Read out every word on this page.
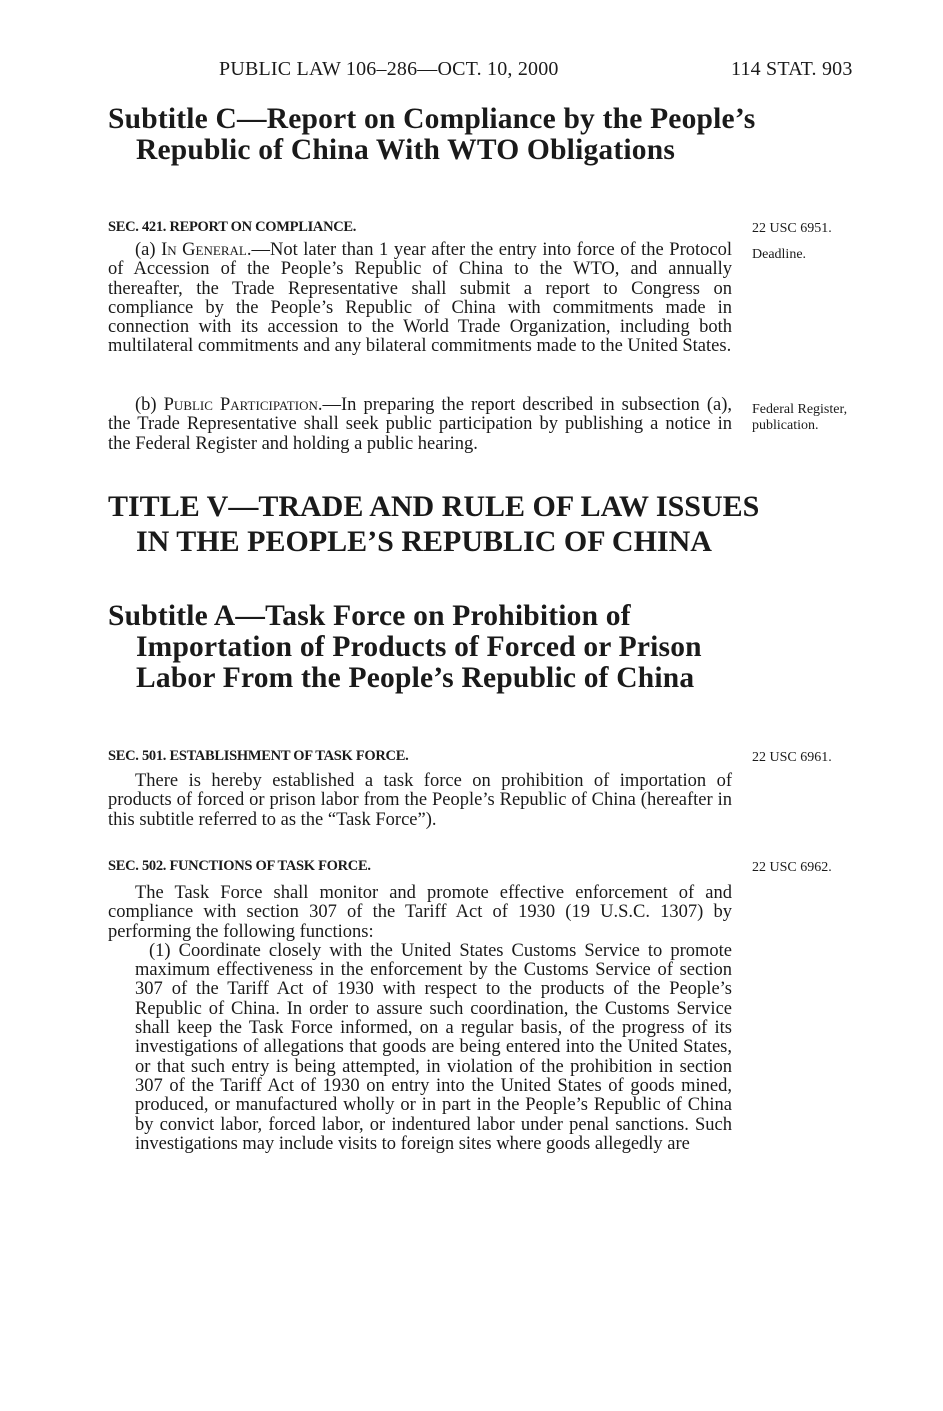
PUBLIC LAW 106–286—OCT. 10, 2000	114 STAT. 903
Subtitle C—Report on Compliance by the People’s Republic of China With WTO Obligations
SEC. 421. REPORT ON COMPLIANCE.	22 USC 6951.

(a) In General.—Not later than 1 year after the entry into force of the Protocol of Accession of the People’s Republic of China to the WTO, and annually thereafter, the Trade Representative shall submit a report to Congress on compliance by the People’s Republic of China with commitments made in connection with its accession to the World Trade Organization, including both multilateral commitments and any bilateral commitments made to the United States.

Deadline.

(b) Public Participation.—In preparing the report described in subsection (a), the Trade Representative shall seek public participation by publishing a notice in the Federal Register and holding a public hearing.

Federal Register, publication.
TITLE V—TRADE AND RULE OF LAW ISSUES IN THE PEOPLE’S REPUBLIC OF CHINA
Subtitle A—Task Force on Prohibition of Importation of Products of Forced or Prison Labor From the People’s Republic of China
SEC. 501. ESTABLISHMENT OF TASK FORCE.	22 USC 6961.

There is hereby established a task force on prohibition of importation of products of forced or prison labor from the People’s Republic of China (hereafter in this subtitle referred to as the “Task Force”).

SEC. 502. FUNCTIONS OF TASK FORCE.	22 USC 6962.

The Task Force shall monitor and promote effective enforcement of and compliance with section 307 of the Tariff Act of 1930 (19 U.S.C. 1307) by performing the following functions:

(1) Coordinate closely with the United States Customs Service to promote maximum effectiveness in the enforcement by the Customs Service of section 307 of the Tariff Act of 1930 with respect to the products of the People’s Republic of China. In order to assure such coordination, the Customs Service shall keep the Task Force informed, on a regular basis, of the progress of its investigations of allegations that goods are being entered into the United States, or that such entry is being attempted, in violation of the prohibition in section 307 of the Tariff Act of 1930 on entry into the United States of goods mined, produced, or manufactured wholly or in part in the People’s Republic of China by convict labor, forced labor, or indentured labor under penal sanctions. Such investigations may include visits to foreign sites where goods allegedly are
